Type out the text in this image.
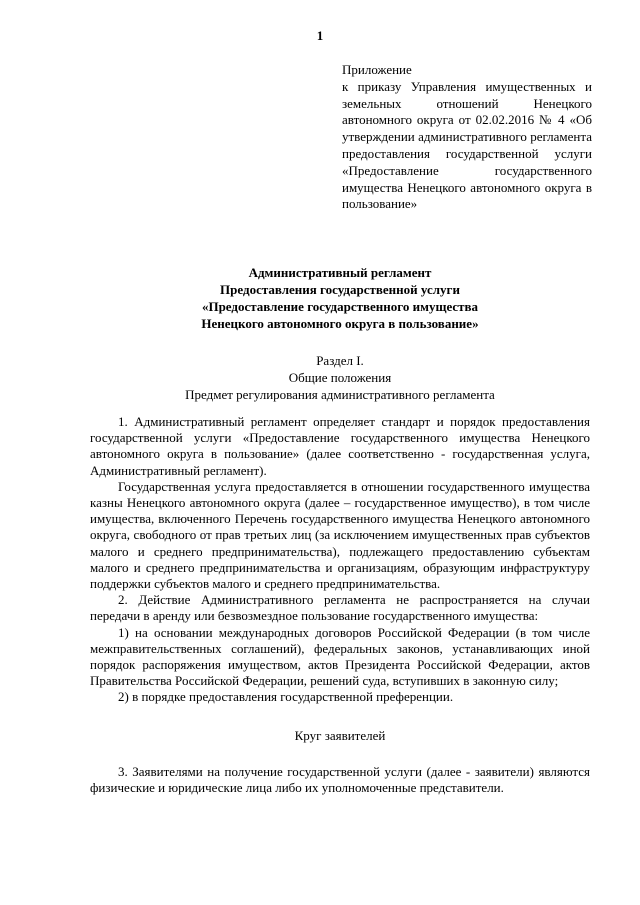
1

Приложение

к приказу Управления имущественных и земельных отношений Ненецкого автономного округа от 02.02.2016 № 4 «Об утверждении административного регламента предоставления государственной услуги «Предоставление государственного имущества Ненецкого автономного округа в пользование»

Административный регламент
Предоставления государственной услуги
«Предоставление государственного имущества
Ненецкого автономного округа в пользование»
Раздел I.
Общие положения
Предмет регулирования административного регламента

1. Административный регламент определяет стандарт и порядок предоставления государственной услуги «Предоставление государственного имущества Ненецкого автономного округа в пользование» (далее соответственно - государственная услуга, Административный регламент).

Государственная услуга предоставляется в отношении государственного имущества казны Ненецкого автономного округа (далее – государственное имущество), в том числе имущества, включенного Перечень государственного имущества Ненецкого автономного округа, свободного от прав третьих лиц (за исключением имущественных прав субъектов малого и среднего предпринимательства), подлежащего предоставлению субъектам малого и среднего предпринимательства и организациям, образующим инфраструктуру поддержки субъектов малого и среднего предпринимательства.

2. Действие Административного регламента не распространяется на случаи передачи в аренду или безвозмездное пользование государственного имущества:

1) на основании международных договоров Российской Федерации (в том числе межправительственных соглашений), федеральных законов, устанавливающих иной порядок распоряжения имуществом, актов Президента Российской Федерации, актов Правительства Российской Федерации, решений суда, вступивших в законную силу;

2) в порядке предоставления государственной преференции.

Круг заявителей

3. Заявителями на получение государственной услуги (далее - заявители) являются физические и юридические лица либо их уполномоченные представители.
